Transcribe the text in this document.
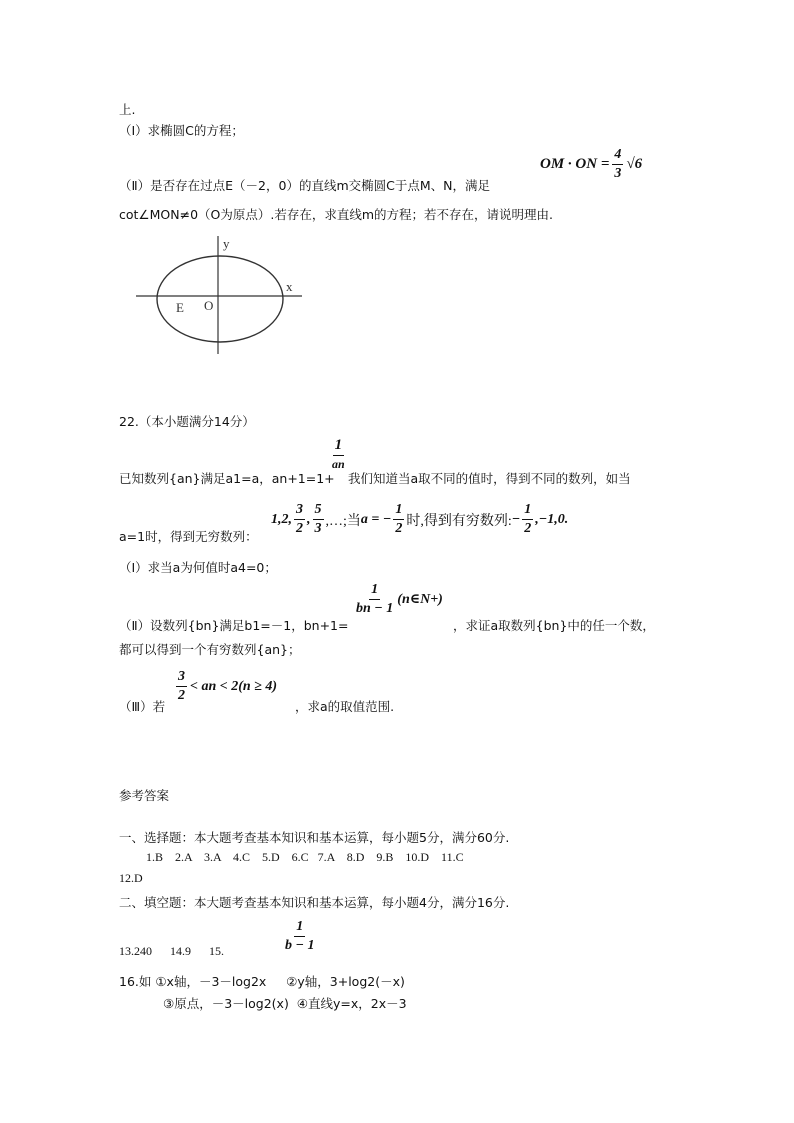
上.
（Ⅰ）求椭圆C的方程；
（Ⅱ）是否存在过点E（－2，0）的直线m交椭圆C于点M、N，满足
OM · ON = $\frac{4}{3} √6$
cot∠MON≠0（O为原点）.若存在，求直线m的方程；若不存在，请说明理由.
y
x
E O
22.（本小题满分14分）
已知数列{an}满足a1=a，an+1=1+
$\frac{1}{an}$
我们知道当a取不同的值时，得到不同的数列，如当
a=1时，得到无穷数列：
1,2, $\frac{3}{2}$ , $\frac{5}{3}$ ,…;当 a = − $\frac{1}{2}$ 时,得到有穷数列: − $\frac{1}{2} ,-1,0$.
（Ⅰ）求当a为何值时a4=0；
（Ⅱ）设数列{bn}满足b1=－1，bn+1=
$\frac{1}{bn - 1}$ (n∈N+)
，求证a取数列{bn}中的任一个数，
都可以得到一个有穷数列{an}；
（Ⅲ）若
$\frac{3}{2}$ < an < 2(n ≥ 4)
，求a的取值范围.
参考答案
一、选择题：本大题考查基本知识和基本运算，每小题5分，满分60分.
1.B    2.A    3.A    4.C    5.D    6.C   7.A    8.D    9.B    10.D    11.C
12.D
二、填空题：本大题考查基本知识和基本运算，每小题4分，满分16分.
13.240      14.9      15.	$\frac{1}{b - 1}$
16.如 ①x轴，－3－log2x     ②y轴，3+log2(－x)
③原点，－3－log2(x)  ④直线y=x，2x－3
